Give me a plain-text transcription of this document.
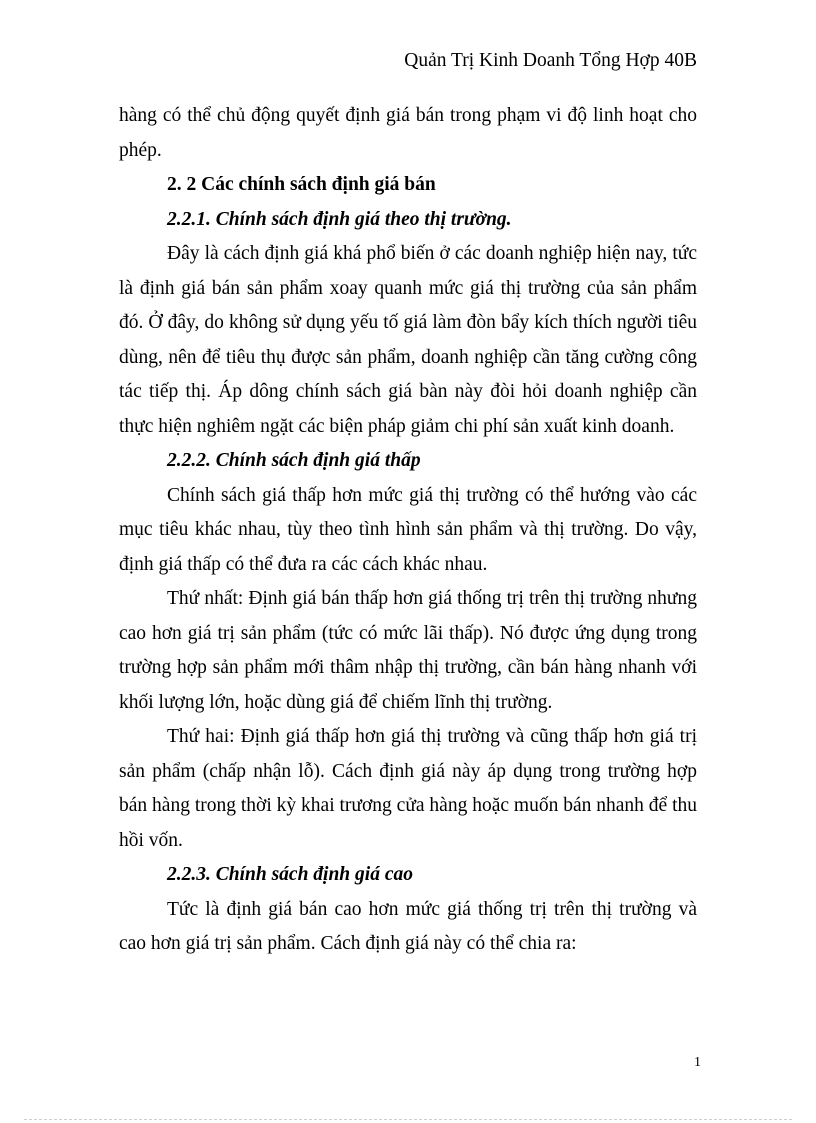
Quản Trị Kinh Doanh Tổng Hợp 40B

hàng có thể chủ động quyết định giá bán trong phạm vi độ linh hoạt cho phép.

2. 2 Các chính sách định giá bán
2.2.1. Chính sách định giá theo thị trường.

Đây là cách định giá khá phổ biến ở các doanh nghiệp hiện nay, tức là định giá bán sản phẩm xoay quanh mức giá thị trường của sản phẩm đó. Ở đây, do không sử dụng yếu tố giá làm đòn bẩy kích thích người tiêu dùng, nên để tiêu thụ được sản phẩm, doanh nghiệp cần tăng cường công tác tiếp thị. Áp dông chính sách giá bàn này đòi hỏi doanh nghiệp cần thực hiện nghiêm ngặt các biện pháp giảm chi phí sản xuất kinh doanh.

2.2.2. Chính sách định giá thấp

Chính sách giá thấp hơn mức giá thị trường có thể hướng vào các mục tiêu khác nhau, tùy theo tình hình sản phẩm và thị trường. Do vậy, định giá thấp có thể đưa ra các cách khác nhau.

Thứ nhất: Định giá bán thấp hơn giá thống trị trên thị trường nhưng cao hơn giá trị sản phẩm (tức có mức lãi thấp). Nó được ứng dụng trong trường hợp sản phẩm mới thâm nhập thị trường, cần bán hàng nhanh với khối lượng lớn, hoặc dùng giá để chiếm lĩnh thị trường.

Thứ hai: Định giá thấp hơn giá thị trường và cũng thấp hơn giá trị sản phẩm (chấp nhận lỗ). Cách định giá này áp dụng trong trường hợp bán hàng trong thời kỳ khai trương cửa hàng hoặc muốn bán nhanh để thu hồi vốn.

2.2.3. Chính sách định giá cao

Tức là định giá bán cao hơn mức giá thống trị trên thị trường và cao hơn giá trị sản phẩm. Cách định giá này có thể chia ra:

1
